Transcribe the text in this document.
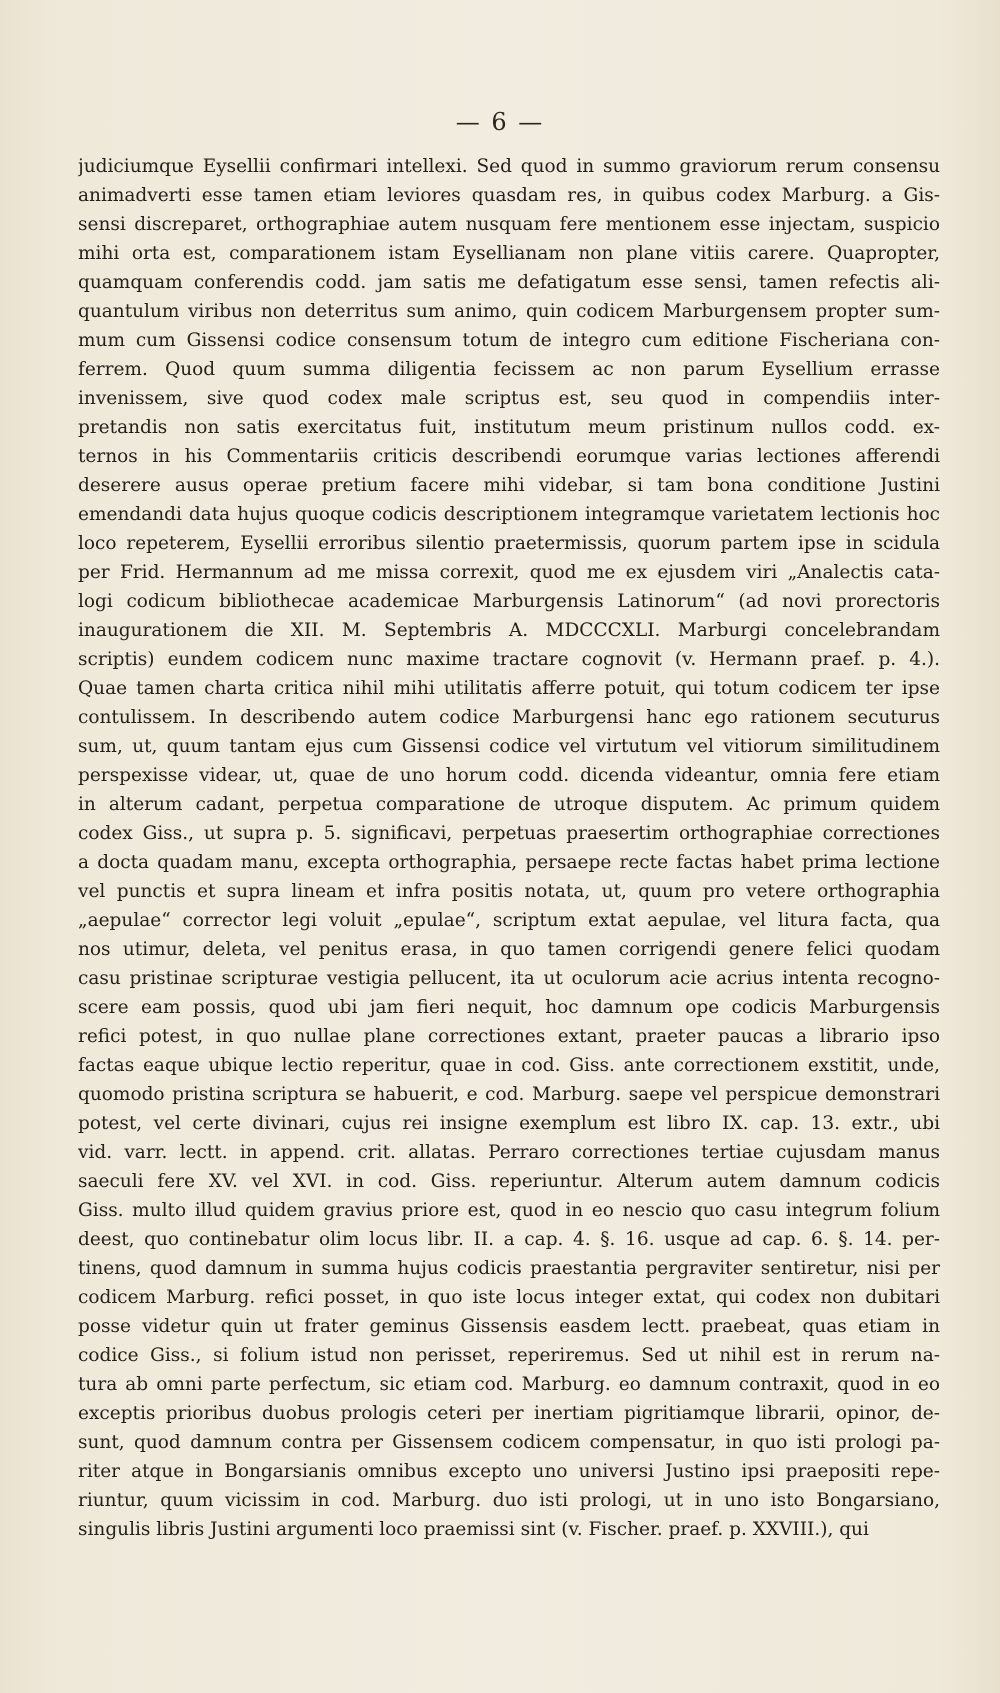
— 6 —
judiciumque Eysellii confirmari intellexi. Sed quod in summo graviorum rerum consensu
animadverti esse tamen etiam leviores quasdam res, in quibus codex Marburg. a Gis-
sensi discreparet, orthographiae autem nusquam fere mentionem esse injectam, suspicio
mihi orta est, comparationem istam Eysellianam non plane vitiis carere. Quapropter,
quamquam conferendis codd. jam satis me defatigatum esse sensi, tamen refectis ali-
quantulum viribus non deterritus sum animo, quin codicem Marburgensem propter sum-
mum cum Gissensi codice consensum totum de integro cum editione Fischeriana con-
ferrem. Quod quum summa diligentia fecissem ac non parum Eysellium errasse
invenissem, sive quod codex male scriptus est, seu quod in compendiis inter-
pretandis non satis exercitatus fuit, institutum meum pristinum nullos codd. ex-
ternos in his Commentariis criticis describendi eorumque varias lectiones afferendi
deserere ausus operae pretium facere mihi videbar, si tam bona conditione Justini
emendandi data hujus quoque codicis descriptionem integramque varietatem lectionis hoc
loco repeterem, Eysellii erroribus silentio praetermissis, quorum partem ipse in scidula
per Frid. Hermannum ad me missa correxit, quod me ex ejusdem viri „Analectis cata-
logi codicum bibliothecae academicae Marburgensis Latinorum“ (ad novi prorectoris
inaugurationem die XII. M. Septembris A. MDCCCXLI. Marburgi concelebrandam
scriptis) eundem codicem nunc maxime tractare cognovit (v. Hermann praef. p. 4.).
Quae tamen charta critica nihil mihi utilitatis afferre potuit, qui totum codicem ter ipse
contulissem. In describendo autem codice Marburgensi hanc ego rationem secuturus
sum, ut, quum tantam ejus cum Gissensi codice vel virtutum vel vitiorum similitudinem
perspexisse videar, ut, quae de uno horum codd. dicenda videantur, omnia fere etiam
in alterum cadant, perpetua comparatione de utroque disputem. Ac primum quidem
codex Giss., ut supra p. 5. significavi, perpetuas praesertim orthographiae correctiones
a docta quadam manu, excepta orthographia, persaepe recte factas habet prima lectione
vel punctis et supra lineam et infra positis notata, ut, quum pro vetere orthographia
„aepulae“ corrector legi voluit „epulae“, scriptum extat aepulae, vel litura facta, qua
nos utimur, deleta, vel penitus erasa, in quo tamen corrigendi genere felici quodam
casu pristinae scripturae vestigia pellucent, ita ut oculorum acie acrius intenta recogno-
scere eam possis, quod ubi jam fieri nequit, hoc damnum ope codicis Marburgensis
refici potest, in quo nullae plane correctiones extant, praeter paucas a librario ipso
factas eaque ubique lectio reperitur, quae in cod. Giss. ante correctionem exstitit, unde,
quomodo pristina scriptura se habuerit, e cod. Marburg. saepe vel perspicue demonstrari
potest, vel certe divinari, cujus rei insigne exemplum est libro IX. cap. 13. extr., ubi
vid. varr. lectt. in append. crit. allatas. Perraro correctiones tertiae cujusdam manus
saeculi fere XV. vel XVI. in cod. Giss. reperiuntur. Alterum autem damnum codicis
Giss. multo illud quidem gravius priore est, quod in eo nescio quo casu integrum folium
deest, quo continebatur olim locus libr. II. a cap. 4. §. 16. usque ad cap. 6. §. 14. per-
tinens, quod damnum in summa hujus codicis praestantia pergraviter sentiretur, nisi per
codicem Marburg. refici posset, in quo iste locus integer extat, qui codex non dubitari
posse videtur quin ut frater geminus Gissensis easdem lectt. praebeat, quas etiam in
codice Giss., si folium istud non perisset, reperiremus. Sed ut nihil est in rerum na-
tura ab omni parte perfectum, sic etiam cod. Marburg. eo damnum contraxit, quod in eo
exceptis prioribus duobus prologis ceteri per inertiam pigritiamque librarii, opinor, de-
sunt, quod damnum contra per Gissensem codicem compensatur, in quo isti prologi pa-
riter atque in Bongarsianis omnibus excepto uno universi Justino ipsi praepositi repe-
riuntur, quum vicissim in cod. Marburg. duo isti prologi, ut in uno isto Bongarsiano,
singulis libris Justini argumenti loco praemissi sint (v. Fischer. praef. p. XXVIII.), qui
